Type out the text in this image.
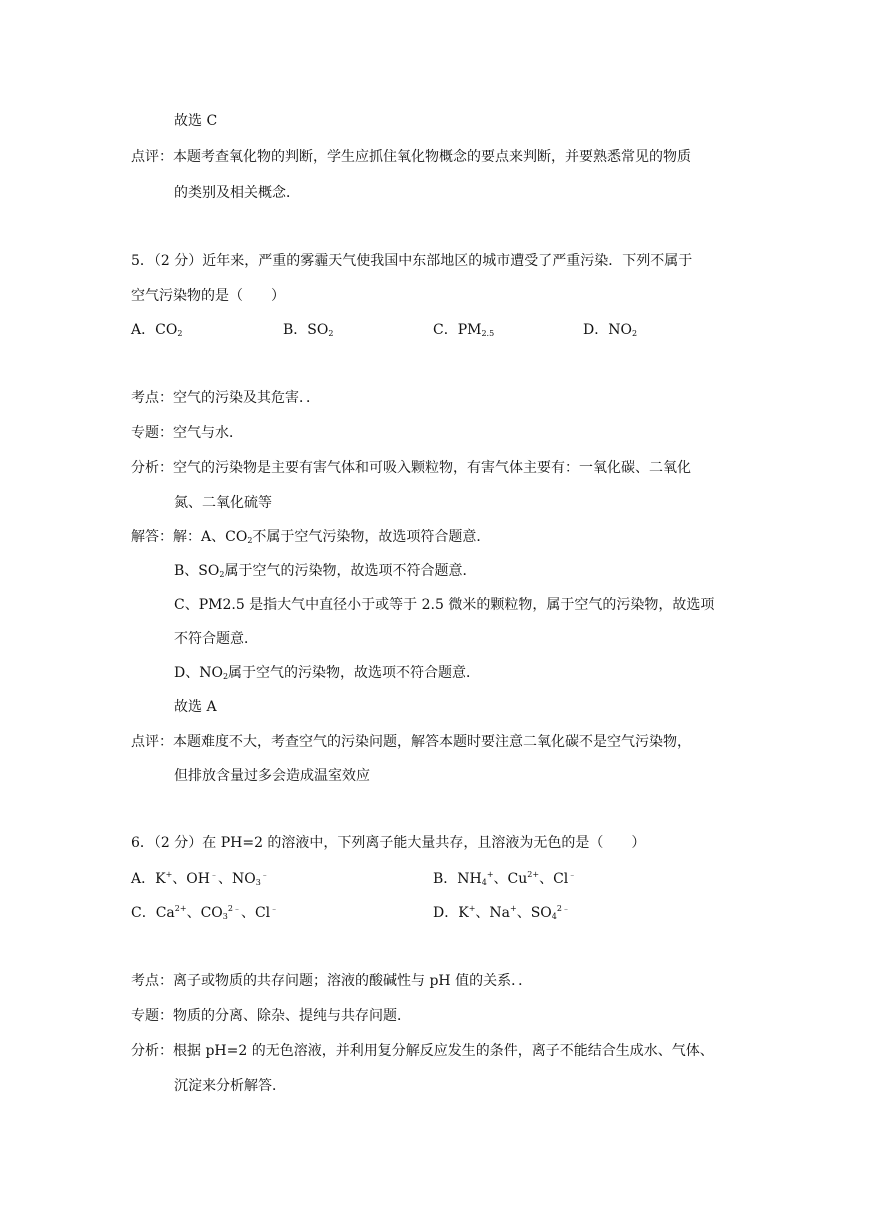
故选 C
点评：本题考查氧化物的判断，学生应抓住氧化物概念的要点来判断，并要熟悉常见的物质
的类别及相关概念．
5．（2 分）近年来，严重的雾霾天气使我国中东部地区的城市遭受了严重污染．下列不属于
空气污染物的是（　　）
A．$CO_2$	B．$SO_2$	C．$PM_{2.5}$	D．$NO_2$
考点：空气的污染及其危害．．
专题：空气与水．
分析：空气的污染物是主要有害气体和可吸入颗粒物，有害气体主要有：一氧化碳、二氧化
氮、二氧化硫等
解答：解：A、$CO_2$不属于空气污染物，故选项符合题意．
B、$SO_2$属于空气的污染物，故选项不符合题意．
C、PM2.5 是指大气中直径小于或等于 2.5 微米的颗粒物，属于空气的污染物，故选项
不符合题意．
D、$NO_2$属于空气的污染物，故选项不符合题意．
故选 A
点评：本题难度不大，考查空气的污染问题，解答本题时要注意二氧化碳不是空气污染物，
但排放含量过多会造成温室效应
6．（2 分）在 PH=2 的溶液中，下列离子能大量共存，且溶液为无色的是（　　）
A．K+、OH﹣、$NO_3^﹣$	B．$NH_4^+$、$Cu^{2+}$、Cl﹣
C．$Ca^{2+}$、$CO_3^{2﹣}$、Cl﹣	D．K+、Na+、$SO_4^{2﹣}$
考点：离子或物质的共存问题；溶液的酸碱性与 pH 值的关系．．
专题：物质的分离、除杂、提纯与共存问题．
分析：根据 pH=2 的无色溶液，并利用复分解反应发生的条件，离子不能结合生成水、气体、
沉淀来分析解答．
